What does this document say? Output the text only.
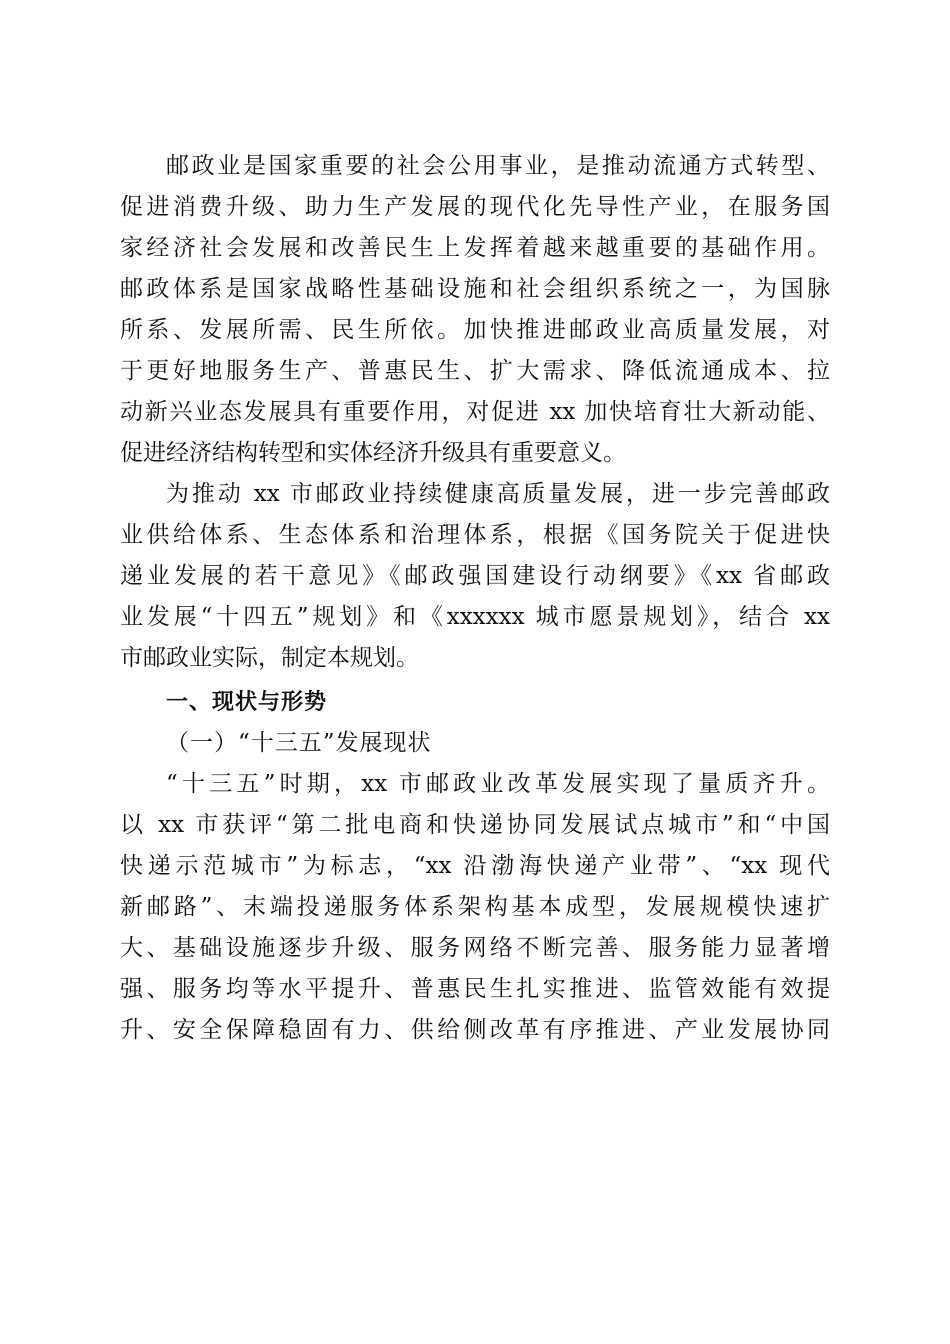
邮政业是国家重要的社会公用事业，是推动流通方式转型、
促进消费升级、助力生产发展的现代化先导性产业，在服务国
家经济社会发展和改善民生上发挥着越来越重要的基础作用。
邮政体系是国家战略性基础设施和社会组织系统之一，为国脉
所系、发展所需、民生所依。加快推进邮政业高质量发展，对
于更好地服务生产、普惠民生、扩大需求、降低流通成本、拉
动新兴业态发展具有重要作用，对促进 xx 加快培育壮大新动能、
促进经济结构转型和实体经济升级具有重要意义。
为推动 xx 市邮政业持续健康高质量发展，进一步完善邮政
业供给体系、生态体系和治理体系，根据《国务院关于促进快
递业发展的若干意见》《邮政强国建设行动纲要》《xx 省邮政
业发展“十四五”规划》和《xxxxxx 城市愿景规划》，结合 xx
市邮政业实际，制定本规划。
一、现状与形势
（一）“十三五”发展现状
“十三五”时期，xx 市邮政业改革发展实现了量质齐升。
以 xx 市获评“第二批电商和快递协同发展试点城市”和“中国
快递示范城市”为标志，“xx 沿渤海快递产业带”、“xx 现代
新邮路”、末端投递服务体系架构基本成型，发展规模快速扩
大、基础设施逐步升级、服务网络不断完善、服务能力显著增
强、服务均等水平提升、普惠民生扎实推进、监管效能有效提
升、安全保障稳固有力、供给侧改革有序推进、产业发展协同
